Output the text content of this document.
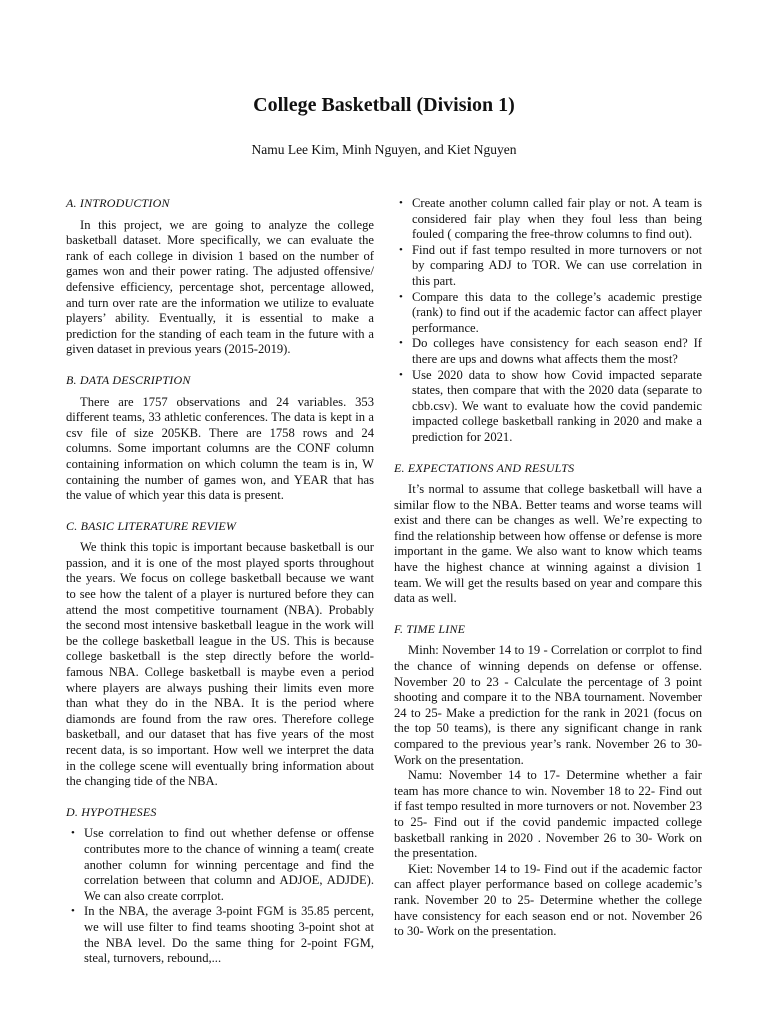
College Basketball (Division 1)

Namu Lee Kim, Minh Nguyen, and Kiet Nguyen

A. INTRODUCTION

In this project, we are going to analyze the college basketball dataset. More specifically, we can evaluate the rank of each college in division 1 based on the number of games won and their power rating. The adjusted offensive/ defensive efficiency, percentage shot, percentage allowed, and turn over rate are the information we utilize to evaluate players’ ability. Eventually, it is essential to make a prediction for the standing of each team in the future with a given dataset in previous years (2015-2019).

B. DATA DESCRIPTION

There are 1757 observations and 24 variables. 353 different teams, 33 athletic conferences. The data is kept in a csv file of size 205KB. There are 1758 rows and 24 columns. Some important columns are the CONF column containing information on which column the team is in, W containing the number of games won, and YEAR that has the value of which year this data is present.

C. BASIC LITERATURE REVIEW

We think this topic is important because basketball is our passion, and it is one of the most played sports throughout the years. We focus on college basketball because we want to see how the talent of a player is nurtured before they can attend the most competitive tournament (NBA). Probably the second most intensive basketball league in the work will be the college basketball league in the US. This is because college basketball is the step directly before the world-famous NBA. College basketball is maybe even a period where players are always pushing their limits even more than what they do in the NBA. It is the period where diamonds are found from the raw ores. Therefore college basketball, and our dataset that has five years of the most recent data, is so important. How well we interpret the data in the college scene will eventually bring information about the changing tide of the NBA.

D. HYPOTHESES
• Use correlation to find out whether defense or offense contributes more to the chance of winning a team( create another column for winning percentage and find the correlation between that column and ADJOE, ADJDE). We can also create corrplot.
• In the NBA, the average 3-point FGM is 35.85 percent, we will use filter to find teams shooting 3-point shot at the NBA level. Do the same thing for 2-point FGM, steal, turnovers, rebound,...
• Create another column called fair play or not. A team is considered fair play when they foul less than being fouled ( comparing the free-throw columns to find out).
• Find out if fast tempo resulted in more turnovers or not by comparing ADJ to TOR. We can use correlation in this part.
• Compare this data to the college’s academic prestige (rank) to find out if the academic factor can affect player performance.
• Do colleges have consistency for each season end? If there are ups and downs what affects them the most?
• Use 2020 data to show how Covid impacted separate states, then compare that with the 2020 data (separate to cbb.csv). We want to evaluate how the covid pandemic impacted college basketball ranking in 2020 and make a prediction for 2021.
E. EXPECTATIONS AND RESULTS

It’s normal to assume that college basketball will have a similar flow to the NBA. Better teams and worse teams will exist and there can be changes as well. We’re expecting to find the relationship between how offense or defense is more important in the game. We also want to know which teams have the highest chance at winning against a division 1 team. We will get the results based on year and compare this data as well.

F. TIME LINE

Minh: November 14 to 19 - Correlation or corrplot to find the chance of winning depends on defense or offense. November 20 to 23 - Calculate the percentage of 3 point shooting and compare it to the NBA tournament. November 24 to 25- Make a prediction for the rank in 2021 (focus on the top 50 teams), is there any significant change in rank compared to the previous year’s rank. November 26 to 30- Work on the presentation.

Namu: November 14 to 17- Determine whether a fair team has more chance to win. November 18 to 22- Find out if fast tempo resulted in more turnovers or not. November 23 to 25- Find out if the covid pandemic impacted college basketball ranking in 2020 . November 26 to 30- Work on the presentation.

Kiet: November 14 to 19- Find out if the academic factor can affect player performance based on college academic’s rank. November 20 to 25- Determine whether the college have consistency for each season end or not. November 26 to 30- Work on the presentation.
